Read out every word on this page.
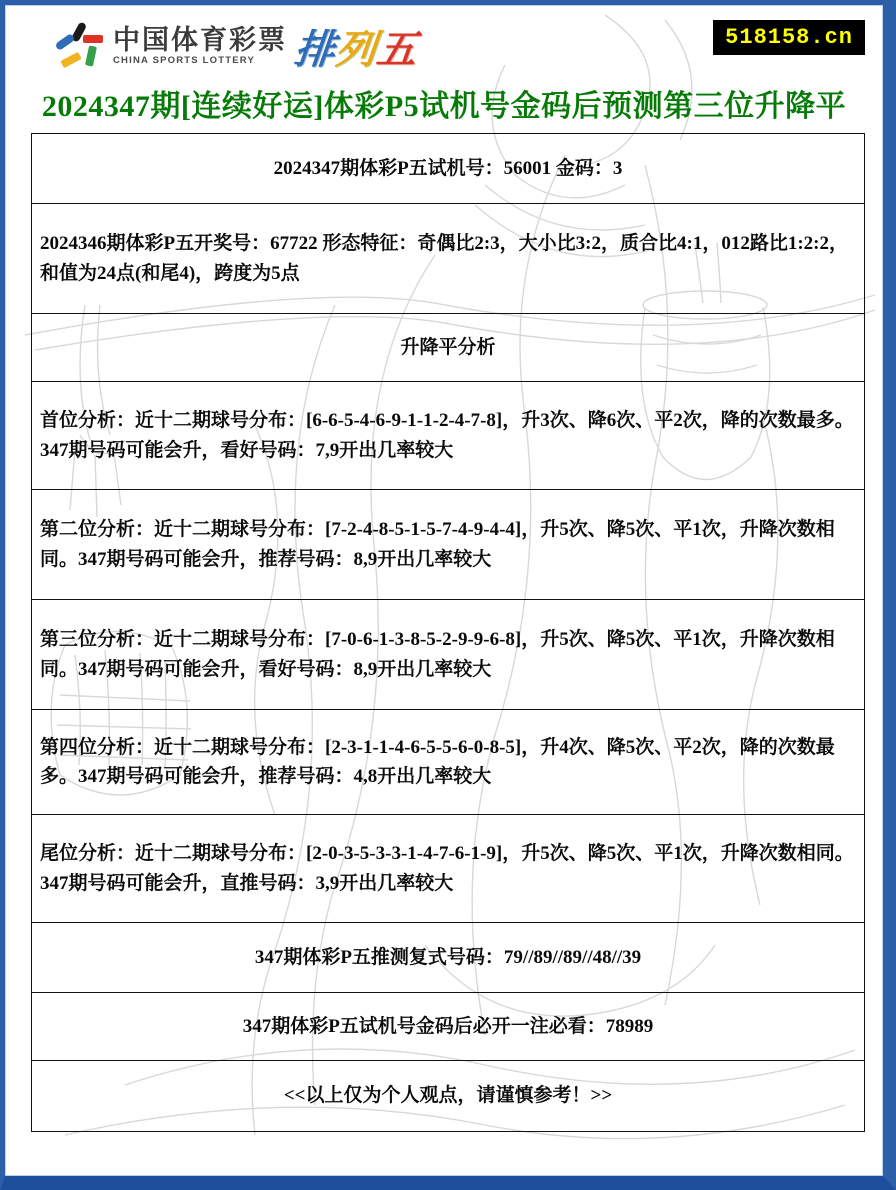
中国体育彩票
CHINA SPORTS LOTTERY 排列五	518158.cn
2024347期[连续好运]体彩P5试机号金码后预测第三位升降平
2024347期体彩P五试机号：56001 金码：3
2024346期体彩P五开奖号：67722 形态特征：奇偶比2:3，大小比3:2，质合比4:1，012路比1:2:2，和值为24点(和尾4)，跨度为5点
升降平分析
首位分析：近十二期球号分布：[6-6-5-4-6-9-1-1-2-4-7-8]，升3次、降6次、平2次，降的次数最多。347期号码可能会升，看好号码：7,9开出几率较大
第二位分析：近十二期球号分布：[7-2-4-8-5-1-5-7-4-9-4-4]，升5次、降5次、平1次，升降次数相同。347期号码可能会升，推荐号码：8,9开出几率较大
第三位分析：近十二期球号分布：[7-0-6-1-3-8-5-2-9-9-6-8]，升5次、降5次、平1次，升降次数相同。347期号码可能会升，看好号码：8,9开出几率较大
第四位分析：近十二期球号分布：[2-3-1-1-4-6-5-5-6-0-8-5]，升4次、降5次、平2次，降的次数最多。347期号码可能会升，推荐号码：4,8开出几率较大
尾位分析：近十二期球号分布：[2-0-3-5-3-3-1-4-7-6-1-9]，升5次、降5次、平1次，升降次数相同。347期号码可能会升，直推号码：3,9开出几率较大
347期体彩P五推测复式号码：79//89//89//48//39
347期体彩P五试机号金码后必开一注必看：78989
<<以上仅为个人观点，请谨慎参考！>>
